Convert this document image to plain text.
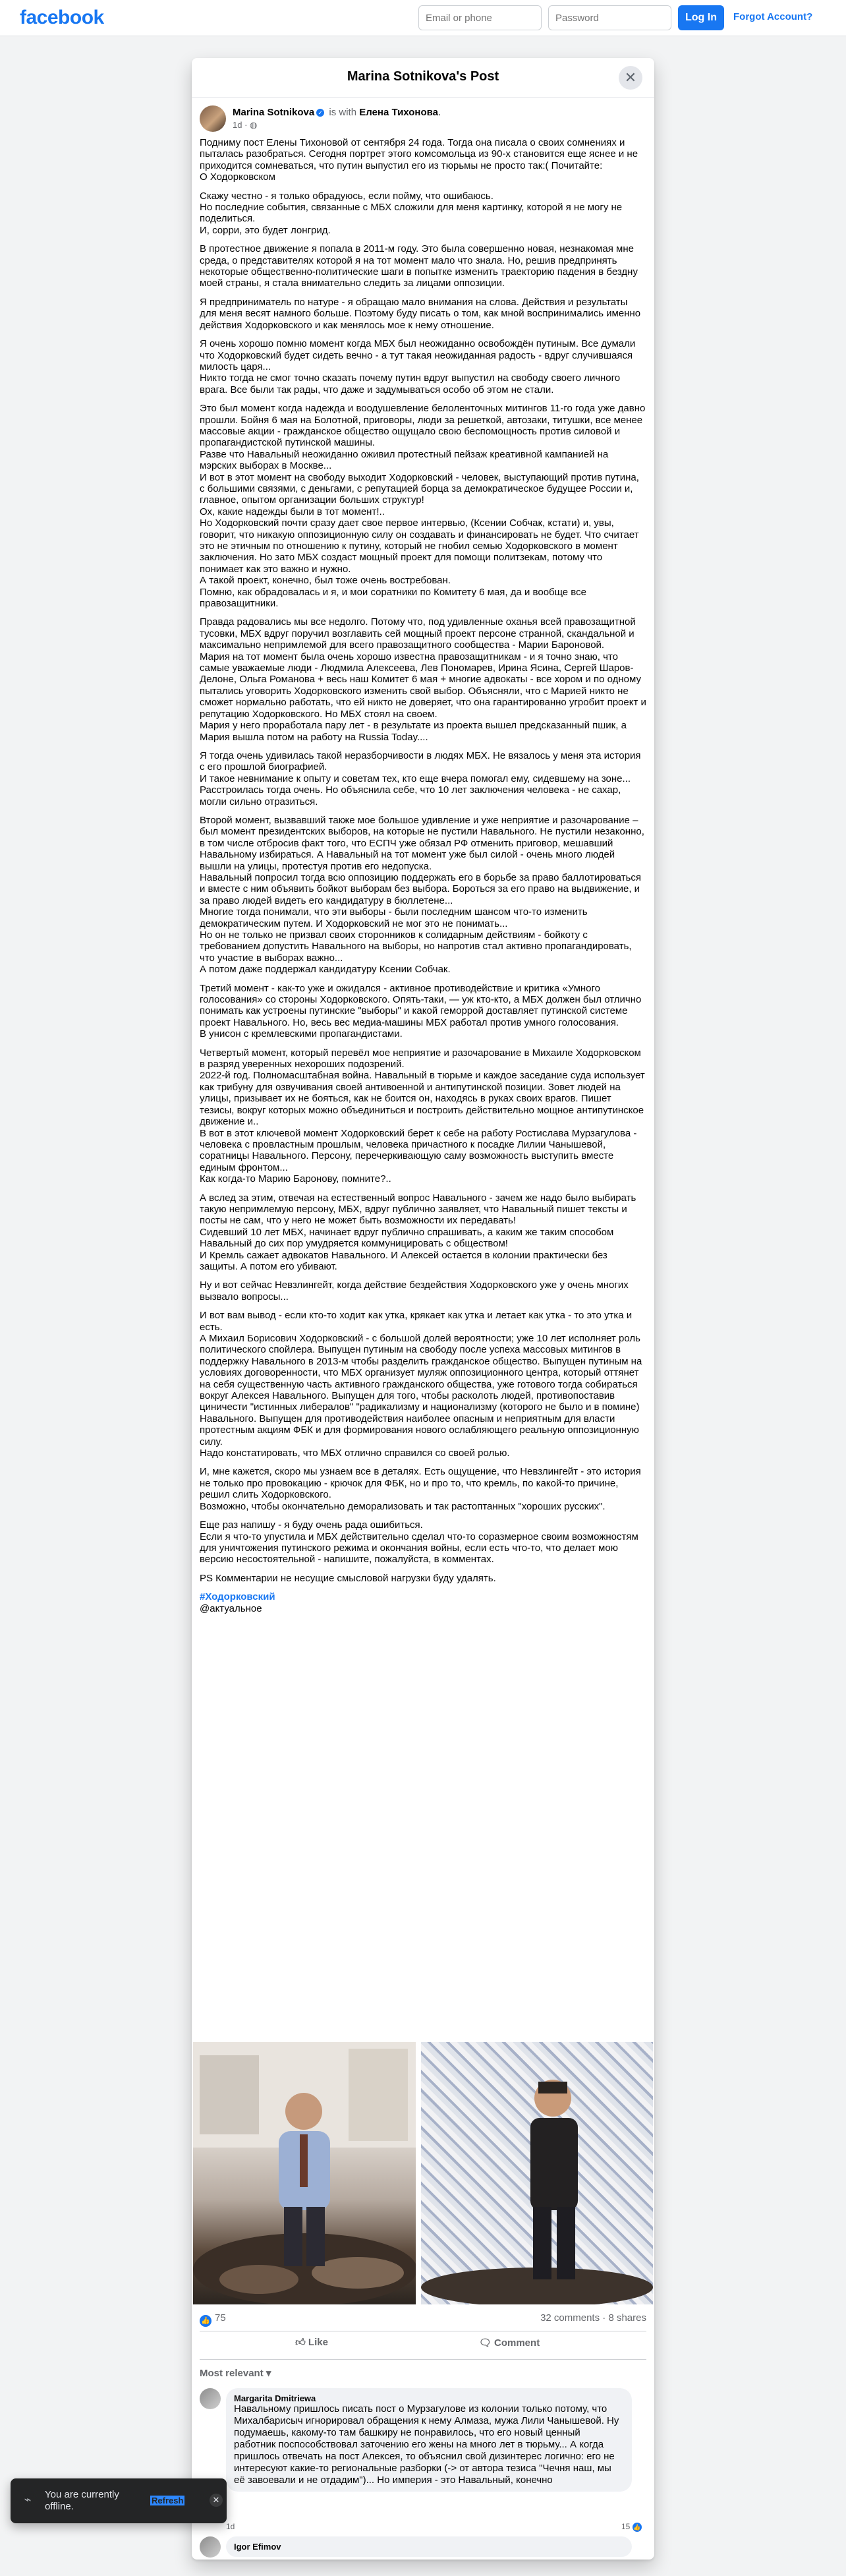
facebook
Email or phone	Log In	Forgot Account?
Marina Sotnikova's Post	✕
Marina Sotnikova ✓ is with Елена Тихонова.
1d · ◍

Подниму пост Елены Тихоновой от сентября 24 года. Тогда она писала о своих сомнениях и пыталась разобраться. Сегодня портрет этого комсомольца из 90-х становится еще яснее и не приходится сомневаться, что путин выпустил его из тюрьмы не просто так:( Почитайте:
О Ходорковском

Скажу честно - я только обрадуюсь, если пойму, что ошибаюсь.
Но последние события, связанные с МБХ сложили для меня картинку, которой я не могу не поделиться.
И, сорри, это будет лонгрид.

В протестное движение я попала в 2011-м году. Это была совершенно новая, незнакомая мне среда, о представителях которой я на тот момент мало что знала. Но, решив предпринять некоторые общественно-политические шаги в попытке изменить траекторию падения в бездну моей страны, я стала внимательно следить за лицами оппозиции.

Я предприниматель по натуре - я обращаю мало внимания на слова. Действия и результаты для меня весят намного больше. Поэтому буду писать о том, как мной воспринимались именно действия Ходорковского и как менялось мое к нему отношение.

Я очень хорошо помню момент когда МБХ был неожиданно освобождён путиным. Все думали что Ходорковский будет сидеть вечно - а тут такая неожиданная радость - вдруг случившаяся милость царя...
Никто тогда не смог точно сказать почему путин вдруг выпустил на свободу своего личного врага. Все были так рады, что даже и задумываться особо об этом не стали.

Это был момент когда надежда и воодушевление белоленточных митингов 11-го года уже давно прошли. Бойня 6 мая на Болотной, приговоры, люди за решеткой, автозаки, титушки, все менее массовые акции - гражданское общество ощущало свою беспомощность против силовой и пропагандистской путинской машины.
Разве что Навальный неожиданно оживил протестный пейзаж креативной кампанией на мэрских выборах в Москве...
И вот в этот момент на свободу выходит Ходорковский - человек, выступающий против путина, с большими связями, с деньгами, с репутацией борца за демократическое будущее России и, главное, опытом организации больших структур!
Ох, какие надежды были в тот момент!..
Но Ходорковский почти сразу дает свое первое интервью, (Ксении Собчак, кстати) и, увы, говорит, что никакую оппозиционную силу он создавать и финансировать не будет. Что считает это не этичным по отношению к путину, который не гнобил семью Ходорковского в момент заключения. Но зато МБХ создаст мощный проект для помощи политзекам, потому что понимает как это важно и нужно.
А такой проект, конечно, был тоже очень востребован.
Помню, как обрадовалась и я, и мои соратники по Комитету 6 мая, да и вообще все правозащитники.

Правда радовались мы все недолго. Потому что, под удивленные оханья всей правозащитной тусовки, МБХ вдруг поручил возглавить сей мощный проект персоне странной, скандальной и максимально непримлемой для всего правозащитного сообщества - Марии Бароновой.
Мария на тот момент была очень хорошо известна правозащитникам - и я точно знаю, что самые уважаемые люди - Людмила Алексеева, Лев Пономарев, Ирина Ясина, Сергей Шаров-Делоне, Ольга Романова + весь наш Комитет 6 мая + многие адвокаты - все хором и по одному пытались уговорить Ходорковского изменить свой выбор. Объясняли, что с Марией никто не сможет нормально работать, что ей никто не доверяет, что она гарантированно угробит проект и репутацию Ходорковского. Но МБХ стоял на своем.
Мария у него проработала пару лет - в результате из проекта вышел предсказанный пшик, а Мария вышла потом на работу на Russia Today....

Я тогда очень удивилась такой неразборчивости в людях МБХ. Не вязалось у меня эта история с его прошлой биографией.
И такое невнимание к опыту и советам тех, кто еще вчера помогал ему, сидевшему на зоне...
Расстроилась тогда очень. Но объяснила себе, что 10 лет заключения человека - не сахар, могли сильно отразиться.

Второй момент, вызвавший также мое большое удивление и уже неприятие и разочарование – был момент президентских выборов, на которые не пустили Навального. Не пустили незаконно, в том числе отбросив факт того, что ЕСПЧ уже обязал РФ отменить приговор, мешавший Навальному избираться. А Навальный на тот момент уже был силой - очень много людей вышли на улицы, протестуя против его недопуска.
Навальный попросил тогда всю оппозицию поддержать его в борьбе за право баллотироваться и вместе с ним объявить бойкот выборам без выбора. Бороться за его право на выдвижение, и за право людей видеть его кандидатуру в бюллетене...
Многие тогда понимали, что эти выборы - были последним шансом что-то изменить демократическим путем. И Ходорковский не мог это не понимать...
Но он не только не призвал своих сторонников к солидарным действиям - бойкоту с требованием допустить Навального на выборы, но напротив стал активно пропагандировать, что участие в выборах важно...
А потом даже поддержал кандидатуру Ксении Собчак.

Третий момент - как-то уже и ожидался - активное противодействие и критика «Умного голосования» со стороны Ходорковского. Опять-таки, — уж кто-кто, а МБХ должен был отлично понимать как устроены путинские "выборы" и какой геморрой доставляет путинской системе проект Навального. Но, весь вес медиа-машины МБХ работал против умного голосования.
В унисон с кремлевскими пропагандистами.

Четвертый момент, который перевёл мое неприятие и разочарование в Михаиле Ходорковском в разряд уверенных нехороших подозрений.
2022-й год. Полномасштабная война. Навальный в тюрьме и каждое заседание суда использует как трибуну для озвучивания своей антивоенной и антипутинской позиции. Зовет людей на улицы, призывает их не бояться, как не боится он, находясь в руках своих врагов. Пишет тезисы, вокруг которых можно объединиться и построить действительно мощное антипутинское движение и..
В вот в этот ключевой момент Ходорковский берет к себе на работу Ростислава Мурзагулова - человека с провластным прошлым, человека причастного к посадке Лилии Чанышевой, соратницы Навального. Персону, перечеркивающую саму возможность выступить вместе единым фронтом...
Как когда-то Марию Баронову, помните?..

А вслед за этим, отвечая на естественный вопрос Навального - зачем же надо было выбирать такую непримлемую персону, МБХ, вдруг публично заявляет, что Навальный пишет тексты и посты не сам, что у него не может быть возможности их передавать!
Сидевший 10 лет МБХ, начинает вдруг публично спрашивать, а каким же таким способом Навальный до сих пор умудряется коммуницировать с обществом!
И Кремль сажает адвокатов Навального. И Алексей остается в колонии практически без защиты. А потом его убивают.

Ну и вот сейчас Невзлингейт, когда действие бездействия Ходорковского уже у очень многих вызвало вопросы...

И вот вам вывод - если кто-то ходит как утка, крякает как утка и летает как утка - то это утка и есть.
А Михаил Борисович Ходорковский - с большой долей вероятности; уже 10 лет исполняет роль политического спойлера. Выпущен путиным на свободу после успеха массовых митингов в поддержку Навального в 2013-м чтобы разделить гражданское общество. Выпущен путиным на условиях договоренности, что МБХ организует муляж оппозиционного центра, который оттянет на себя существенную часть активного гражданского общества, уже готового тогда собираться вокруг Алексея Навального. Выпущен для того, чтобы расколоть людей, противопоставив циничести "истинных либералов" "радикализму и национализму (которого не было и в помине) Навального. Выпущен для противодействия наиболее опасным и неприятным для власти протестным акциям ФБК и для формирования нового ослабляющего реальную оппозиционную силу.
Надо констатировать, что МБХ отлично справился со своей ролью.

И, мне кажется, скоро мы узнаем все в деталях. Есть ощущение, что Невзлингейт - это история не только про провокацию - крючок для ФБК, но и про то, что кремль, по какой-то причине, решил слить Ходорковского.
Возможно, чтобы окончательно деморализовать и так растоптанных "хороших русских".

Еще раз напишу - я буду очень рада ошибиться.
Если я что-то упустила и МБХ действительно сделал что-то соразмерное своим возможностям для уничтожения путинского режима и окончания войны, если есть что-то, что делает мою версию несостоятельной - напишите, пожалуйста, в комментах.

PS Комментарии не несущие смысловой нагрузки буду удалять.

#Ходорковский
@актуальное
👍 75	32 comments · 8 shares
👍︎ Like	🗨 Comment
Most relevant ▾
Margarita Dmitriewa
Навальному пришлось писать пост о Мурзагулове из колонии только потому, что Михалбарисыч игнорировал обращения к нему Алмаза, мужа Лили Чанышевой. Ну подумаешь, какому-то там башкиру не понравилось, что его новый ценный работник поспособствовал заточению его жены на много лет в тюрьму... А когда пришлось отвечать на пост Алексея, то объяснил свой дизинтерес логично: его не интересуют какие-то региональные разборки (-> от автора тезиса "Чечня наш, мы её завоевали и не отдадим")... Но империя - это Навальный, конечно
1d	15 👍
Igor Efimov
⌁	You are currently offline.
Refresh	✕
